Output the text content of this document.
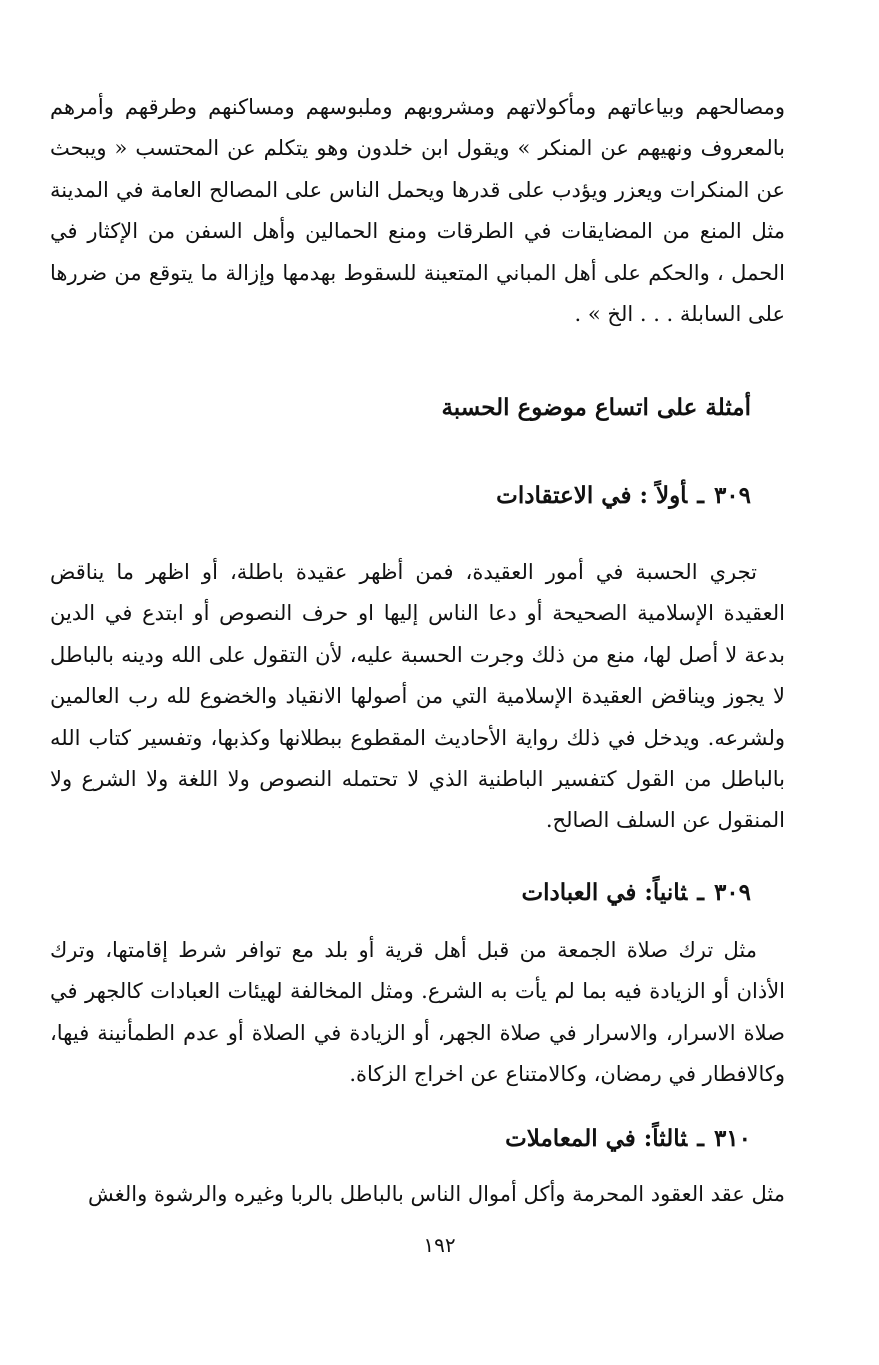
ومصالحهم وبياعاتهم ومأكولاتهم ومشروبهم وملبوسهم ومساكنهم وطرقهم وأمرهم بالمعروف ونهيهم عن المنكر » ويقول ابن خلدون وهو يتكلم عن المحتسب « ويبحث عن المنكرات ويعزر ويؤدب على قدرها ويحمل الناس على المصالح العامة في المدينة مثل المنع من المضايقات في الطرقات ومنع الحمالين وأهل السفن من الإكثار في الحمل ، والحكم على أهل المباني المتعينة للسقوط بهدمها وإزالة ما يتوقع من ضررها على السابلة . . . الخ » .

أمثلة على اتساع موضوع الحسبة
٣٠٩ـأولاً : في الاعتقادات

تجري الحسبة في أمور العقيدة، فمن أظهر عقيدة باطلة، أو اظهر ما يناقض العقيدة الإسلامية الصحيحة أو دعا الناس إليها او حرف النصوص أو ابتدع في الدين بدعة لا أصل لها، منع من ذلك وجرت الحسبة عليه، لأن التقول على الله ودينه بالباطل لا يجوز ويناقض العقيدة الإسلامية التي من أصولها الانقياد والخضوع لله رب العالمين ولشرعه. ويدخل في ذلك رواية الأحاديث المقطوع ببطلانها وكذبها، وتفسير كتاب الله بالباطل من القول كتفسير الباطنية الذي لا تحتمله النصوص ولا اللغة ولا الشرع ولا المنقول عن السلف الصالح.

٣٠٩ـثانياً: في العبادات

مثل ترك صلاة الجمعة من قبل أهل قرية أو بلد مع توافر شرط إقامتها، وترك الأذان أو الزيادة فيه بما لم يأت به الشرع. ومثل المخالفة لهيئات العبادات كالجهر في صلاة الاسرار، والاسرار في صلاة الجهر، أو الزيادة في الصلاة أو عدم الطمأنينة فيها، وكالافطار في رمضان، وكالامتناع عن اخراج الزكاة.

٣١٠ـثالثاً: في المعاملات

مثل عقد العقود المحرمة وأكل أموال الناس بالباطل بالربا وغيره والرشوة والغش

١٩٢
